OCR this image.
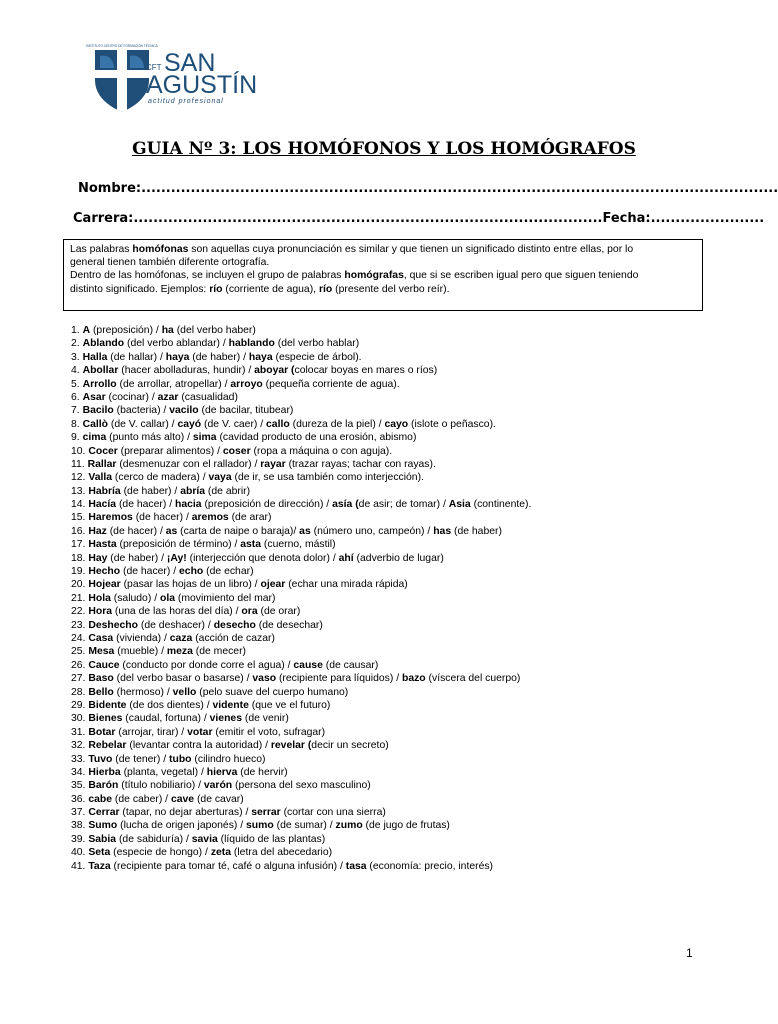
INSTITUTO CENTRO DE FORMACIÓN TÉCNICA
CFT SAN
AGUSTÍN
actitud profesional
GUIA Nº 3: LOS HOMÓFONOS Y LOS HOMÓGRAFOS
Nombre:.................................................................................................................................
Carrera:...............................................................................................Fecha:.......................
Las palabras homófonas son aquellas cuya pronunciación es similar y que tienen un significado distinto entre ellas, por lo
general tienen también diferente ortografía.
Dentro de las homófonas, se incluyen el grupo de palabras homógrafas, que si se escriben igual pero que siguen teniendo
distinto significado. Ejemplos: río (corriente de agua), río (presente del verbo reír).
1. A (preposición) / ha (del verbo haber)
2. Ablando (del verbo ablandar) / hablando (del verbo hablar)
3. Halla (de hallar) / haya (de haber) / haya (especie de árbol).
4. Abollar (hacer abolladuras, hundir) / aboyar (colocar boyas en mares o ríos)
5. Arrollo (de arrollar, atropellar) / arroyo (pequeña corriente de agua).
6. Asar (cocinar) / azar (casualidad)
7. Bacilo (bacteria) / vacilo (de bacilar, titubear)
8. Callò (de V. callar) / cayó (de V. caer) / callo (dureza de la piel) / cayo (islote o peñasco).
9. cima (punto más alto) / sima (cavidad producto de una erosión, abismo)
10. Cocer (preparar alimentos) / coser (ropa a máquina o con aguja).
11. Rallar (desmenuzar con el rallador) / rayar (trazar rayas; tachar con rayas).
12. Valla (cerco de madera) / vaya (de ir, se usa también como interjección).
13. Habría (de haber) / abría (de abrir)
14. Hacía (de hacer) / hacia (preposición de dirección) / asía (de asir; de tomar) / Asia (continente).
15. Haremos (de hacer) / aremos (de arar)
16. Haz (de hacer) / as (carta de naipe o baraja)/ as (número uno, campeón) / has (de haber)
17. Hasta (preposición de término) / asta (cuerno, mástil)
18. Hay (de haber) / ¡Ay! (interjección que denota dolor) / ahí (adverbio de lugar)
19. Hecho (de hacer) / echo (de echar)
20. Hojear (pasar las hojas de un libro) / ojear (echar una mirada rápida)
21. Hola (saludo) / ola (movimiento del mar)
22. Hora (una de las horas del día) / ora (de orar)
23. Deshecho (de deshacer) / desecho (de desechar)
24. Casa (vivienda) / caza (acción de cazar)
25. Mesa (mueble) / meza (de mecer)
26. Cauce (conducto por donde corre el agua) / cause (de causar)
27. Baso (del verbo basar o basarse) / vaso (recipiente para líquidos) / bazo (víscera del cuerpo)
28. Bello (hermoso) / vello (pelo suave del cuerpo humano)
29. Bidente (de dos dientes) / vidente (que ve el futuro)
30. Bienes (caudal, fortuna) / vienes (de venir)
31. Botar (arrojar, tirar) / votar (emitir el voto, sufragar)
32. Rebelar (levantar contra la autoridad) / revelar (decir un secreto)
33. Tuvo (de tener) / tubo (cilindro hueco)
34. Hierba (planta, vegetal) / hierva (de hervir)
35. Barón (título nobiliario) / varón (persona del sexo masculino)
36. cabe (de caber) / cave (de cavar)
37. Cerrar (tapar, no dejar aberturas) / serrar (cortar con una sierra)
38. Sumo (lucha de origen japonés) / sumo (de sumar) / zumo (de jugo de frutas)
39. Sabia (de sabiduría) / savia (líquido de las plantas)
40. Seta (especie de hongo) / zeta (letra del abecedario)
41. Taza (recipiente para tomar té, café o alguna infusión) / tasa (economía: precio, interés)
1
